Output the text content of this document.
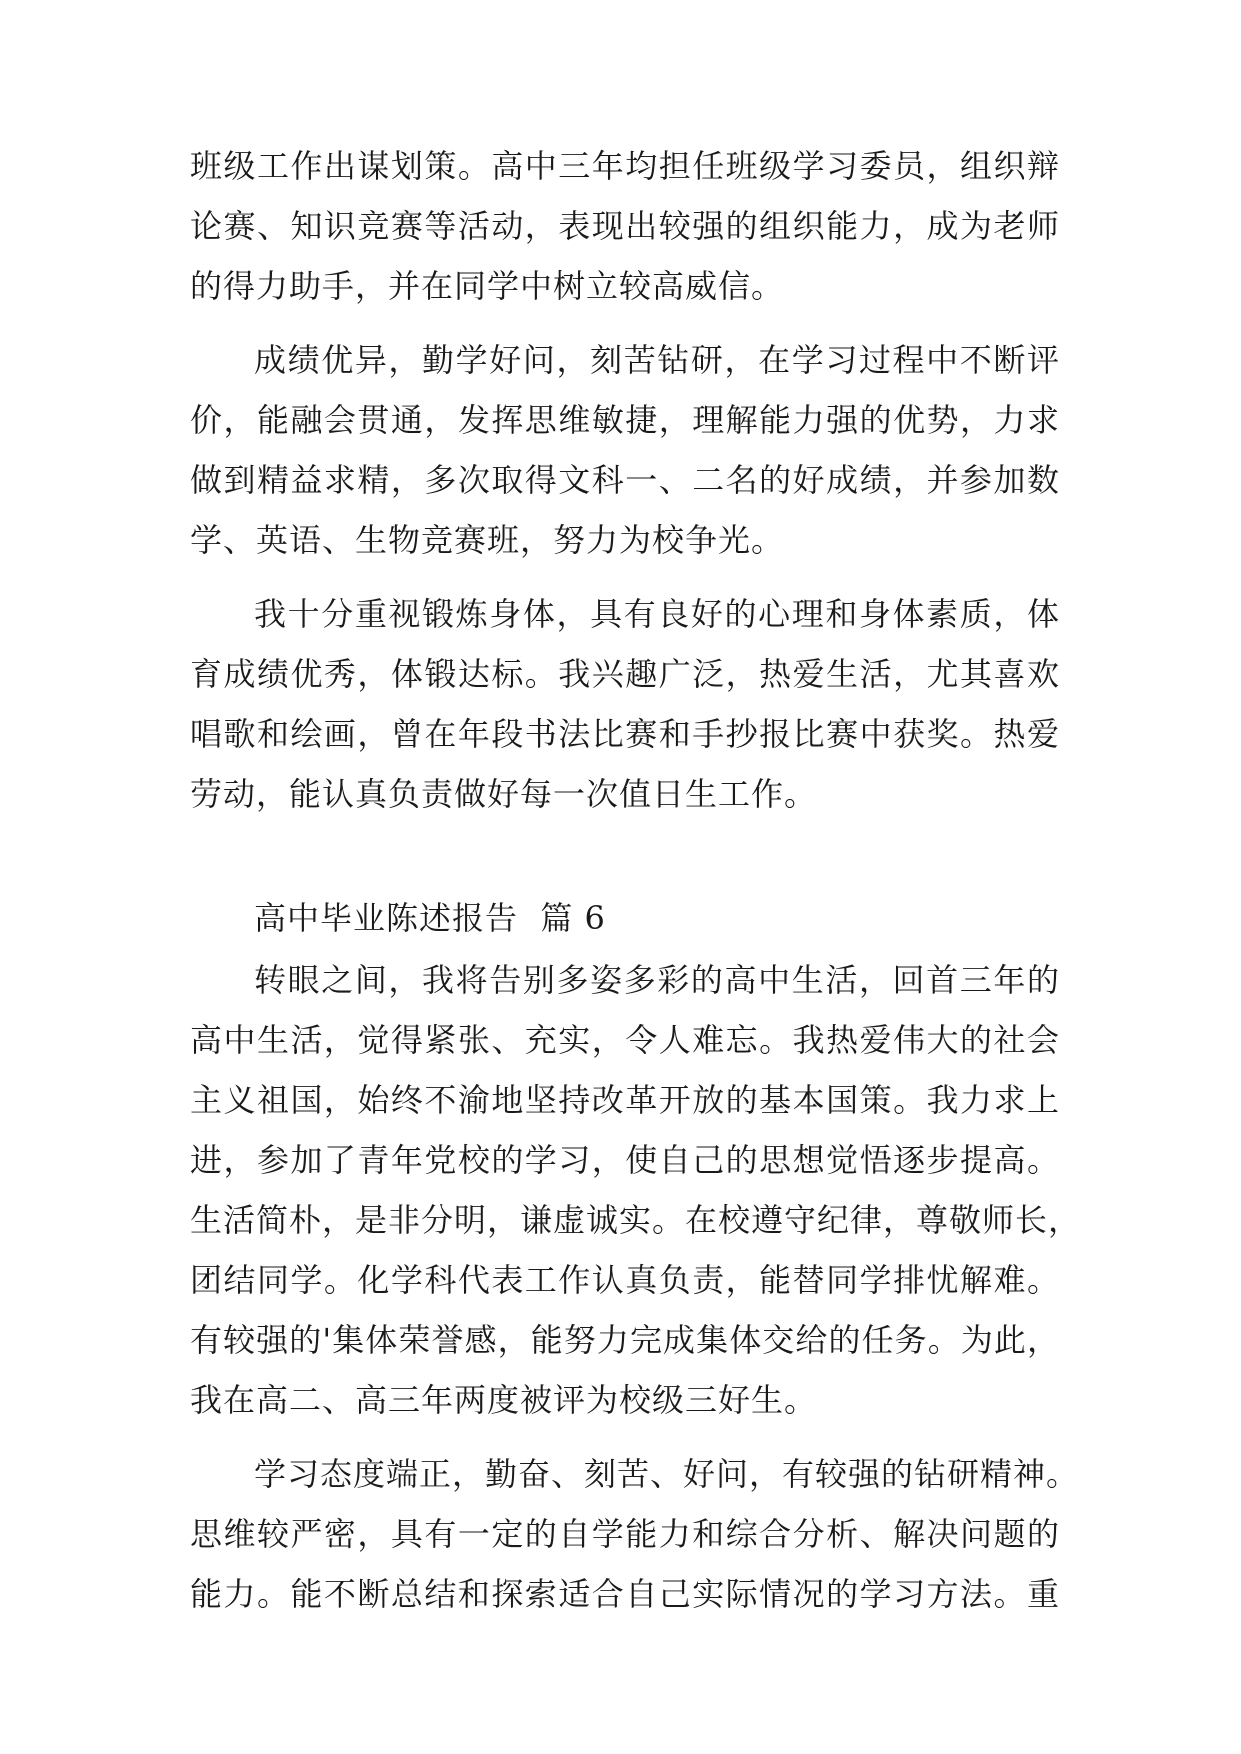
班级工作出谋划策。高中三年均担任班级学习委员，组织辩
论赛、知识竞赛等活动，表现出较强的组织能力，成为老师
的得力助手，并在同学中树立较高威信。
成绩优异，勤学好问，刻苦钻研，在学习过程中不断评
价，能融会贯通，发挥思维敏捷，理解能力强的优势，力求
做到精益求精，多次取得文科一、二名的好成绩，并参加数
学、英语、生物竞赛班，努力为校争光。
我十分重视锻炼身体，具有良好的心理和身体素质，体
育成绩优秀，体锻达标。我兴趣广泛，热爱生活，尤其喜欢
唱歌和绘画，曾在年段书法比赛和手抄报比赛中获奖。热爱
劳动，能认真负责做好每一次值日生工作。
高中毕业陈述报告  篇 6
转眼之间，我将告别多姿多彩的高中生活，回首三年的
高中生活，觉得紧张、充实，令人难忘。我热爱伟大的社会
主义祖国，始终不渝地坚持改革开放的基本国策。我力求上
进，参加了青年党校的学习，使自己的思想觉悟逐步提高。
生活简朴，是非分明，谦虚诚实。在校遵守纪律，尊敬师长，
团结同学。化学科代表工作认真负责，能替同学排忧解难。
有较强的'集体荣誉感，能努力完成集体交给的任务。为此，
我在高二、高三年两度被评为校级三好生。
学习态度端正，勤奋、刻苦、好问，有较强的钻研精神。
思维较严密，具有一定的自学能力和综合分析、解决问题的
能力。能不断总结和探索适合自己实际情况的学习方法。重
